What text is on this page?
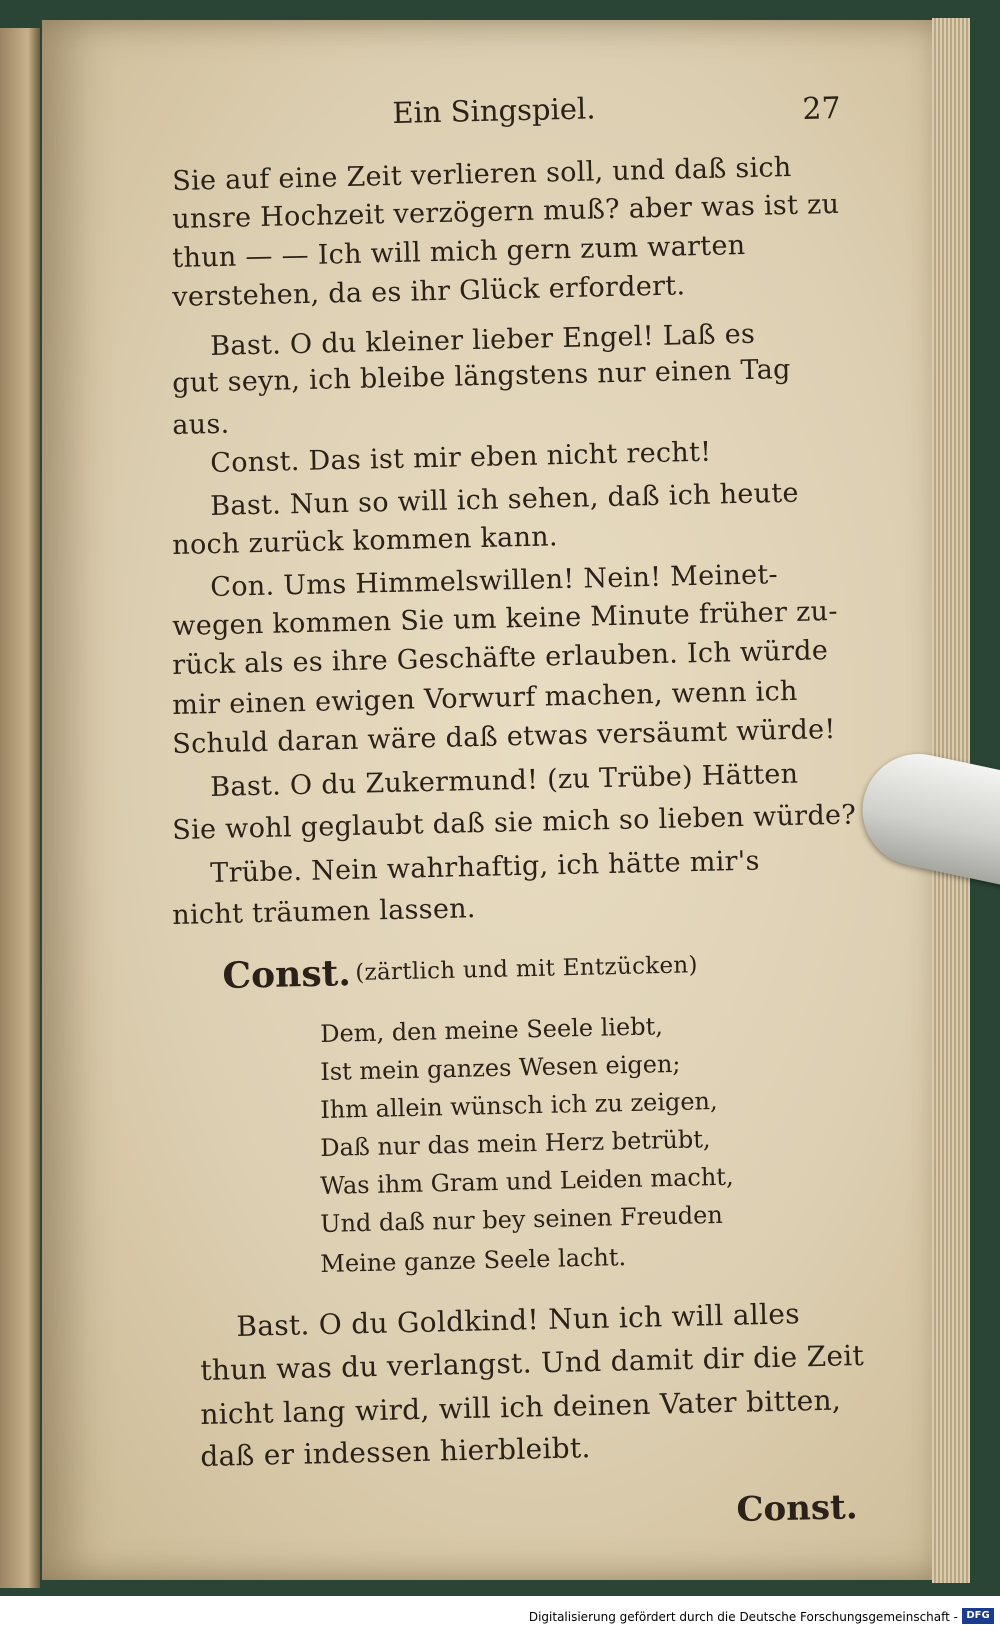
Ein Singspiel.	27
Sie auf eine Zeit verlieren soll, und daß sich
unsre Hochzeit verzögern muß? aber was ist zu
thun — — Ich will mich gern zum warten
verstehen, da es ihr Glück erfordert.
Bast. O du kleiner lieber Engel! Laß es
gut seyn, ich bleibe längstens nur einen Tag
aus.
Const. Das ist mir eben nicht recht!
Bast. Nun so will ich sehen, daß ich heute
noch zurück kommen kann.
Con. Ums Himmelswillen! Nein! Meinet-
wegen kommen Sie um keine Minute früher zu-
rück als es ihre Geschäfte erlauben. Ich würde
mir einen ewigen Vorwurf machen, wenn ich
Schuld daran wäre daß etwas versäumt würde!
Bast. O du Zukermund! (zu Trübe) Hätten
Sie wohl geglaubt daß sie mich so lieben würde?
Trübe. Nein wahrhaftig, ich hätte mir's
nicht träumen lassen.
Const. (zärtlich und mit Entzücken)
Dem, den meine Seele liebt,
Ist mein ganzes Wesen eigen;
Ihm allein wünsch ich zu zeigen,
Daß nur das mein Herz betrübt,
Was ihm Gram und Leiden macht,
Und daß nur bey seinen Freuden
Meine ganze Seele lacht.
Bast. O du Goldkind! Nun ich will alles
thun was du verlangst. Und damit dir die Zeit
nicht lang wird, will ich deinen Vater bitten,
daß er indessen hierbleibt.
Const.
Digitalisierung gefördert durch die Deutsche Forschungsgemeinschaft - DFG
